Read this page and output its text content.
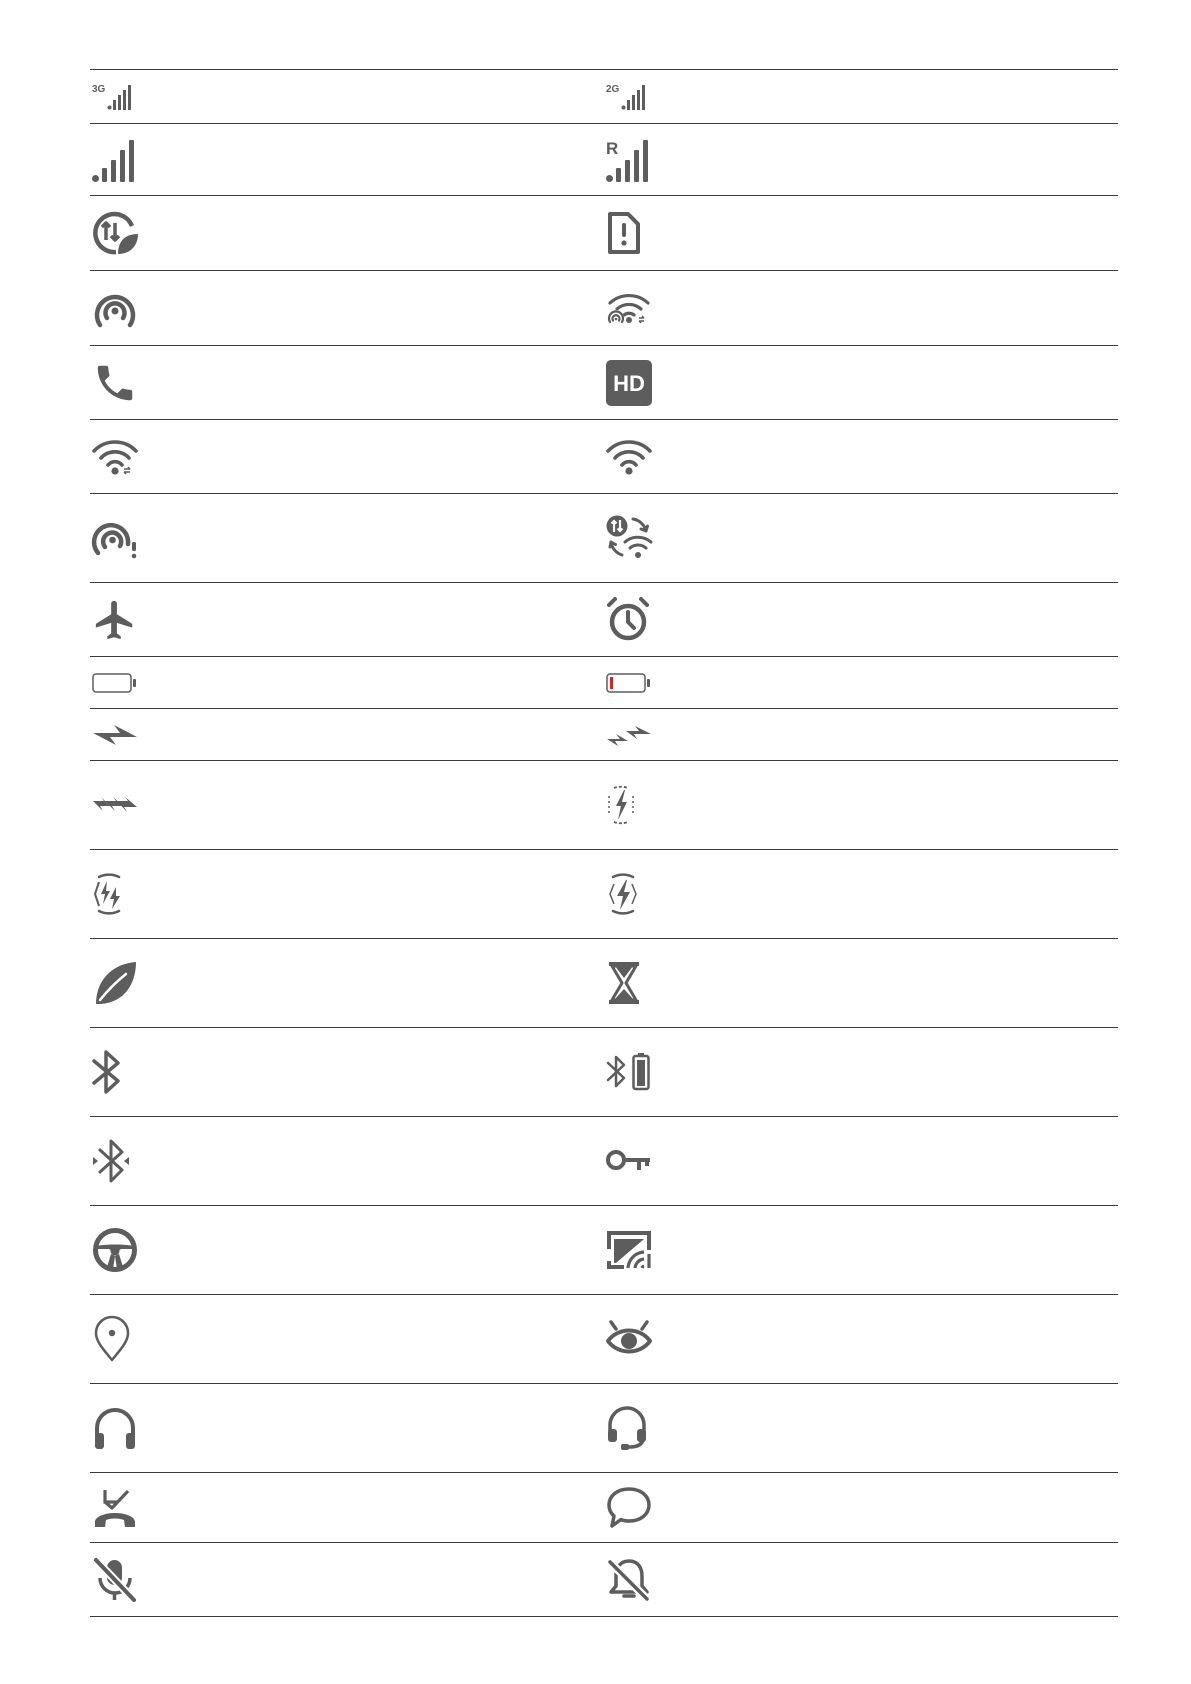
3G	2G
R
HD
